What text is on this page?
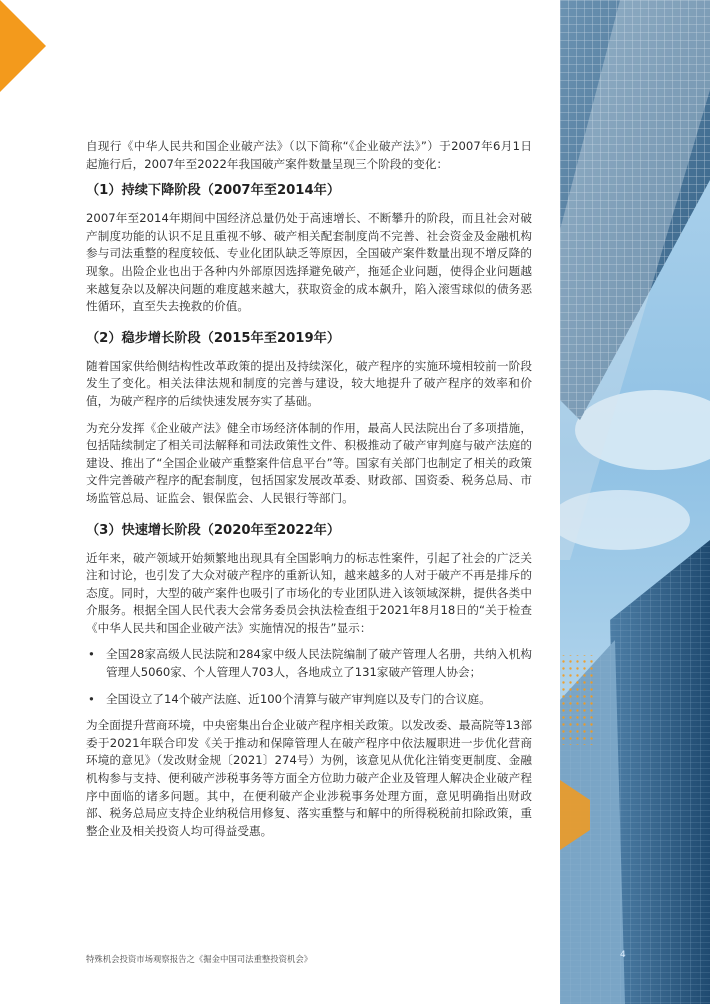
自现行《中华人民共和国企业破产法》（以下简称“《企业破产法》”）于2007年6月1日起施行后，2007年至2022年我国破产案件数量呈现三个阶段的变化：

（1）持续下降阶段（2007年至2014年）

2007年至2014年期间中国经济总量仍处于高速增长、不断攀升的阶段，而且社会对破产制度功能的认识不足且重视不够、破产相关配套制度尚不完善、社会资金及金融机构参与司法重整的程度较低、专业化团队缺乏等原因，全国破产案件数量出现不增反降的现象。出险企业也出于各种内外部原因选择避免破产，拖延企业问题，使得企业问题越来越复杂以及解决问题的难度越来越大，获取资金的成本飙升，陷入滚雪球似的债务恶性循环，直至失去挽救的价值。

（2）稳步增长阶段（2015年至2019年）

随着国家供给侧结构性改革政策的提出及持续深化，破产程序的实施环境相较前一阶段发生了变化。相关法律法规和制度的完善与建设，较大地提升了破产程序的效率和价值，为破产程序的后续快速发展夯实了基础。

为充分发挥《企业破产法》健全市场经济体制的作用，最高人民法院出台了多项措施，包括陆续制定了相关司法解释和司法政策性文件、积极推动了破产审判庭与破产法庭的建设、推出了“全国企业破产重整案件信息平台”等。国家有关部门也制定了相关的政策文件完善破产程序的配套制度，包括国家发展改革委、财政部、国资委、税务总局、市场监管总局、证监会、银保监会、人民银行等部门。

（3）快速增长阶段（2020年至2022年）

近年来，破产领域开始频繁地出现具有全国影响力的标志性案件，引起了社会的广泛关注和讨论，也引发了大众对破产程序的重新认知，越来越多的人对于破产不再是排斥的态度。同时，大型的破产案件也吸引了市场化的专业团队进入该领域深耕，提供各类中介服务。根据全国人民代表大会常务委员会执法检查组于2021年8月18日的“关于检查《中华人民共和国企业破产法》实施情况的报告”显示：

• 全国28家高级人民法院和284家中级人民法院编制了破产管理人名册，共纳入机构管理人5060家、个人管理人703人，各地成立了131家破产管理人协会；
• 全国设立了14个破产法庭、近100个清算与破产审判庭以及专门的合议庭。

为全面提升营商环境，中央密集出台企业破产程序相关政策。以发改委、最高院等13部委于2021年联合印发《关于推动和保障管理人在破产程序中依法履职进一步优化营商环境的意见》（发改财金规〔2021〕274号）为例，该意见从优化注销变更制度、金融机构参与支持、便利破产涉税事务等方面全方位助力破产企业及管理人解决企业破产程序中面临的诸多问题。其中，在便利破产企业涉税事务处理方面，意见明确指出财政部、税务总局应支持企业纳税信用修复、落实重整与和解中的所得税税前扣除政策，重整企业及相关投资人均可得益受惠。

特殊机会投资市场观察报告之《掘金中国司法重整投资机会》	4
